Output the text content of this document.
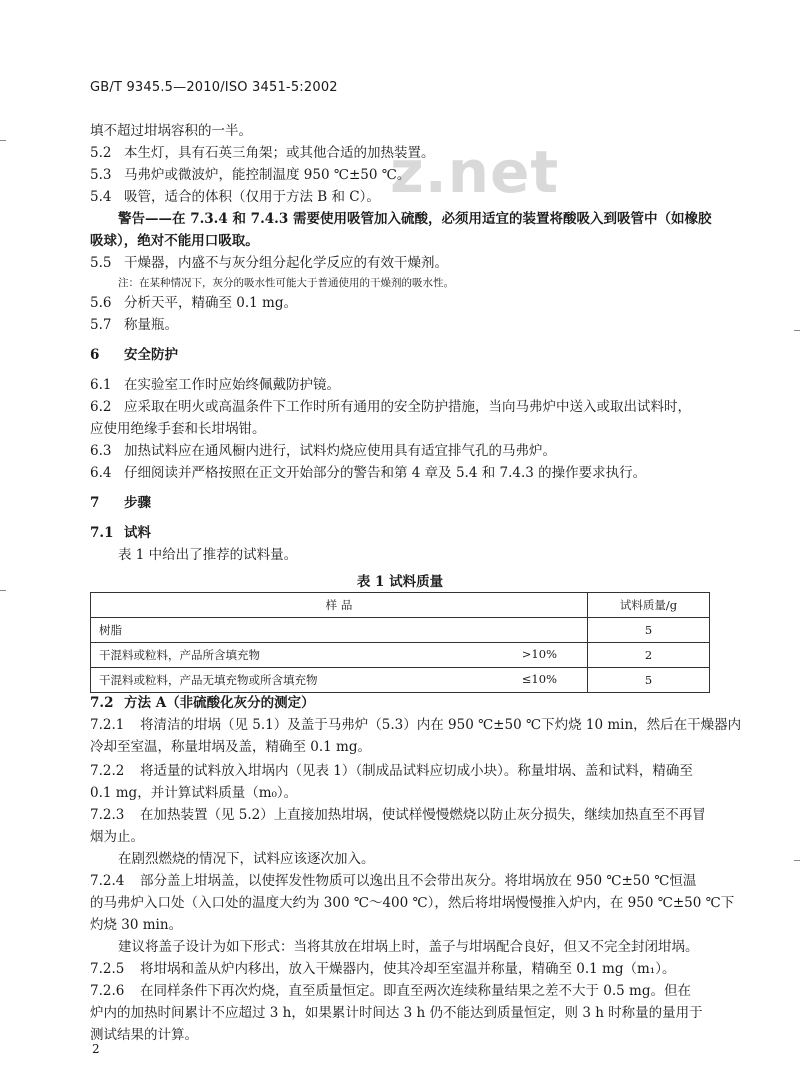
GB/T 9345.5—2010/ISO 3451-5:2002
z.net
填不超过坩埚容积的一半。
5.2 本生灯，具有石英三角架；或其他合适的加热装置。
5.3 马弗炉或微波炉，能控制温度 950 ℃±50 ℃。
5.4 吸管，适合的体积（仅用于方法 B 和 C）。
警告——在 7.3.4 和 7.4.3 需要使用吸管加入硫酸，必须用适宜的装置将酸吸入到吸管中（如橡胶
吸球），绝对不能用口吸取。
5.5 干燥器，内盛不与灰分组分起化学反应的有效干燥剂。
注：在某种情况下，灰分的吸水性可能大于普通使用的干燥剂的吸水性。
5.6 分析天平，精确至 0.1 mg。
5.7 称量瓶。
6 安全防护
6.1 在实验室工作时应始终佩戴防护镜。
6.2 应采取在明火或高温条件下工作时所有通用的安全防护措施，当向马弗炉中送入或取出试料时，
应使用绝缘手套和长坩埚钳。
6.3 加热试料应在通风橱内进行，试料灼烧应使用具有适宜排气孔的马弗炉。
6.4 仔细阅读并严格按照在正文开始部分的警告和第 4 章及 5.4 和 7.4.3 的操作要求执行。
7 步骤
7.1 试料
表 1 中给出了推荐的试料量。
表 1 试料质量
样 品	试料质量/g

树脂	5

干混料或粒料，产品所含填充物 >10%	2

干混料或粒料，产品无填充物或所含填充物 ≤10%	5
7.2 方法 A（非硫酸化灰分的测定）
7.2.1 将清洁的坩埚（见 5.1）及盖于马弗炉（5.3）内在 950 ℃±50 ℃下灼烧 10 min，然后在干燥器内
冷却至室温，称量坩埚及盖，精确至 0.1 mg。
7.2.2 将适量的试料放入坩埚内（见表 1）（制成品试料应切成小块）。称量坩埚、盖和试料，精确至
0.1 mg，并计算试料质量（m₀）。
7.2.3 在加热装置（见 5.2）上直接加热坩埚，使试样慢慢燃烧以防止灰分损失，继续加热直至不再冒
烟为止。
在剧烈燃烧的情况下，试料应该逐次加入。
7.2.4 部分盖上坩埚盖，以使挥发性物质可以逸出且不会带出灰分。将坩埚放在 950 ℃±50 ℃恒温
的马弗炉入口处（入口处的温度大约为 300 ℃～400 ℃），然后将坩埚慢慢推入炉内，在 950 ℃±50 ℃下
灼烧 30 min。
建议将盖子设计为如下形式：当将其放在坩埚上时，盖子与坩埚配合良好，但又不完全封闭坩埚。
7.2.5 将坩埚和盖从炉内移出，放入干燥器内，使其冷却至室温并称量，精确至 0.1 mg（m₁）。
7.2.6 在同样条件下再次灼烧，直至质量恒定。即直至两次连续称量结果之差不大于 0.5 mg。但在
炉内的加热时间累计不应超过 3 h，如果累计时间达 3 h 仍不能达到质量恒定，则 3 h 时称量的量用于
测试结果的计算。
2
